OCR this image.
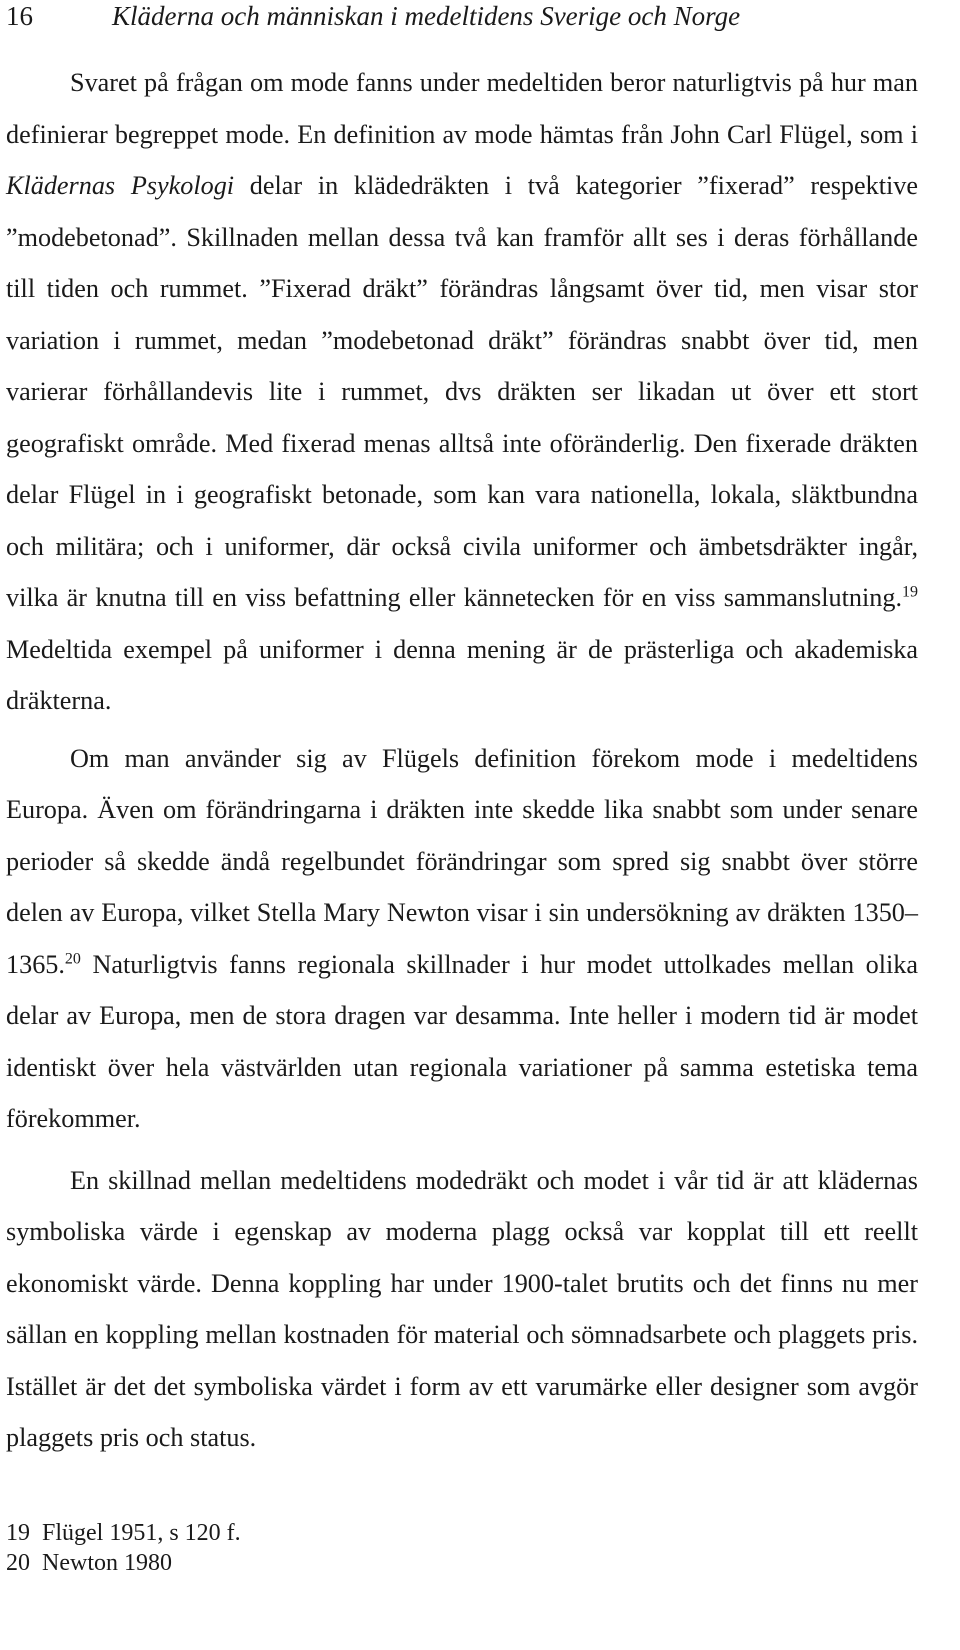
16	Kläderna och människan i medeltidens Sverige och Norge

Svaret på frågan om mode fanns under medeltiden beror naturligtvis på hur man definierar begreppet mode. En definition av mode hämtas från John Carl Flügel, som i Klädernas Psykologi delar in klädedräkten i två kategorier ”fixerad” respektive ”modebetonad”. Skillnaden mellan dessa två kan framför allt ses i deras förhållande till tiden och rummet. ”Fixerad dräkt” förändras långsamt över tid, men visar stor variation i rummet, medan ”modebetonad dräkt” förändras snabbt över tid, men varierar förhållandevis lite i rummet, dvs dräkten ser likadan ut över ett stort geografiskt område. Med fixerad menas alltså inte oföränderlig. Den fixerade dräkten delar Flügel in i geografiskt betonade, som kan vara nationella, lokala, släktbundna och militära; och i uniformer, där också civila uniformer och ämbetsdräkter ingår, vilka är knutna till en viss befattning eller kännetecken för en viss sammanslutning.$^{19}$ Medeltida exempel på uniformer i denna mening är de prästerliga och akademiska dräkterna.

Om man använder sig av Flügels definition förekom mode i medeltidens Europa. Även om förändringarna i dräkten inte skedde lika snabbt som under senare perioder så skedde ändå regelbundet förändringar som spred sig snabbt över större delen av Europa, vilket Stella Mary Newton visar i sin undersökning av dräkten 1350–1365.20 Naturligtvis fanns regionala skillnader i hur modet uttolkades mellan olika delar av Europa, men de stora dragen var desamma. Inte heller i modern tid är modet identiskt över hela västvärlden utan regionala variationer på samma estetiska tema förekommer.

En skillnad mellan medeltidens modedräkt och modet i vår tid är att klädernas symboliska värde i egenskap av moderna plagg också var kopplat till ett reellt ekonomiskt värde. Denna koppling har under 1900-talet brutits och det finns nu mer sällan en koppling mellan kostnaden för material och sömnadsarbete och plaggets pris. Istället är det det symboliska värdet i form av ett varumärke eller designer som avgör plaggets pris och status.

19 Flügel 1951, s 120 f.
20 Newton 1980
